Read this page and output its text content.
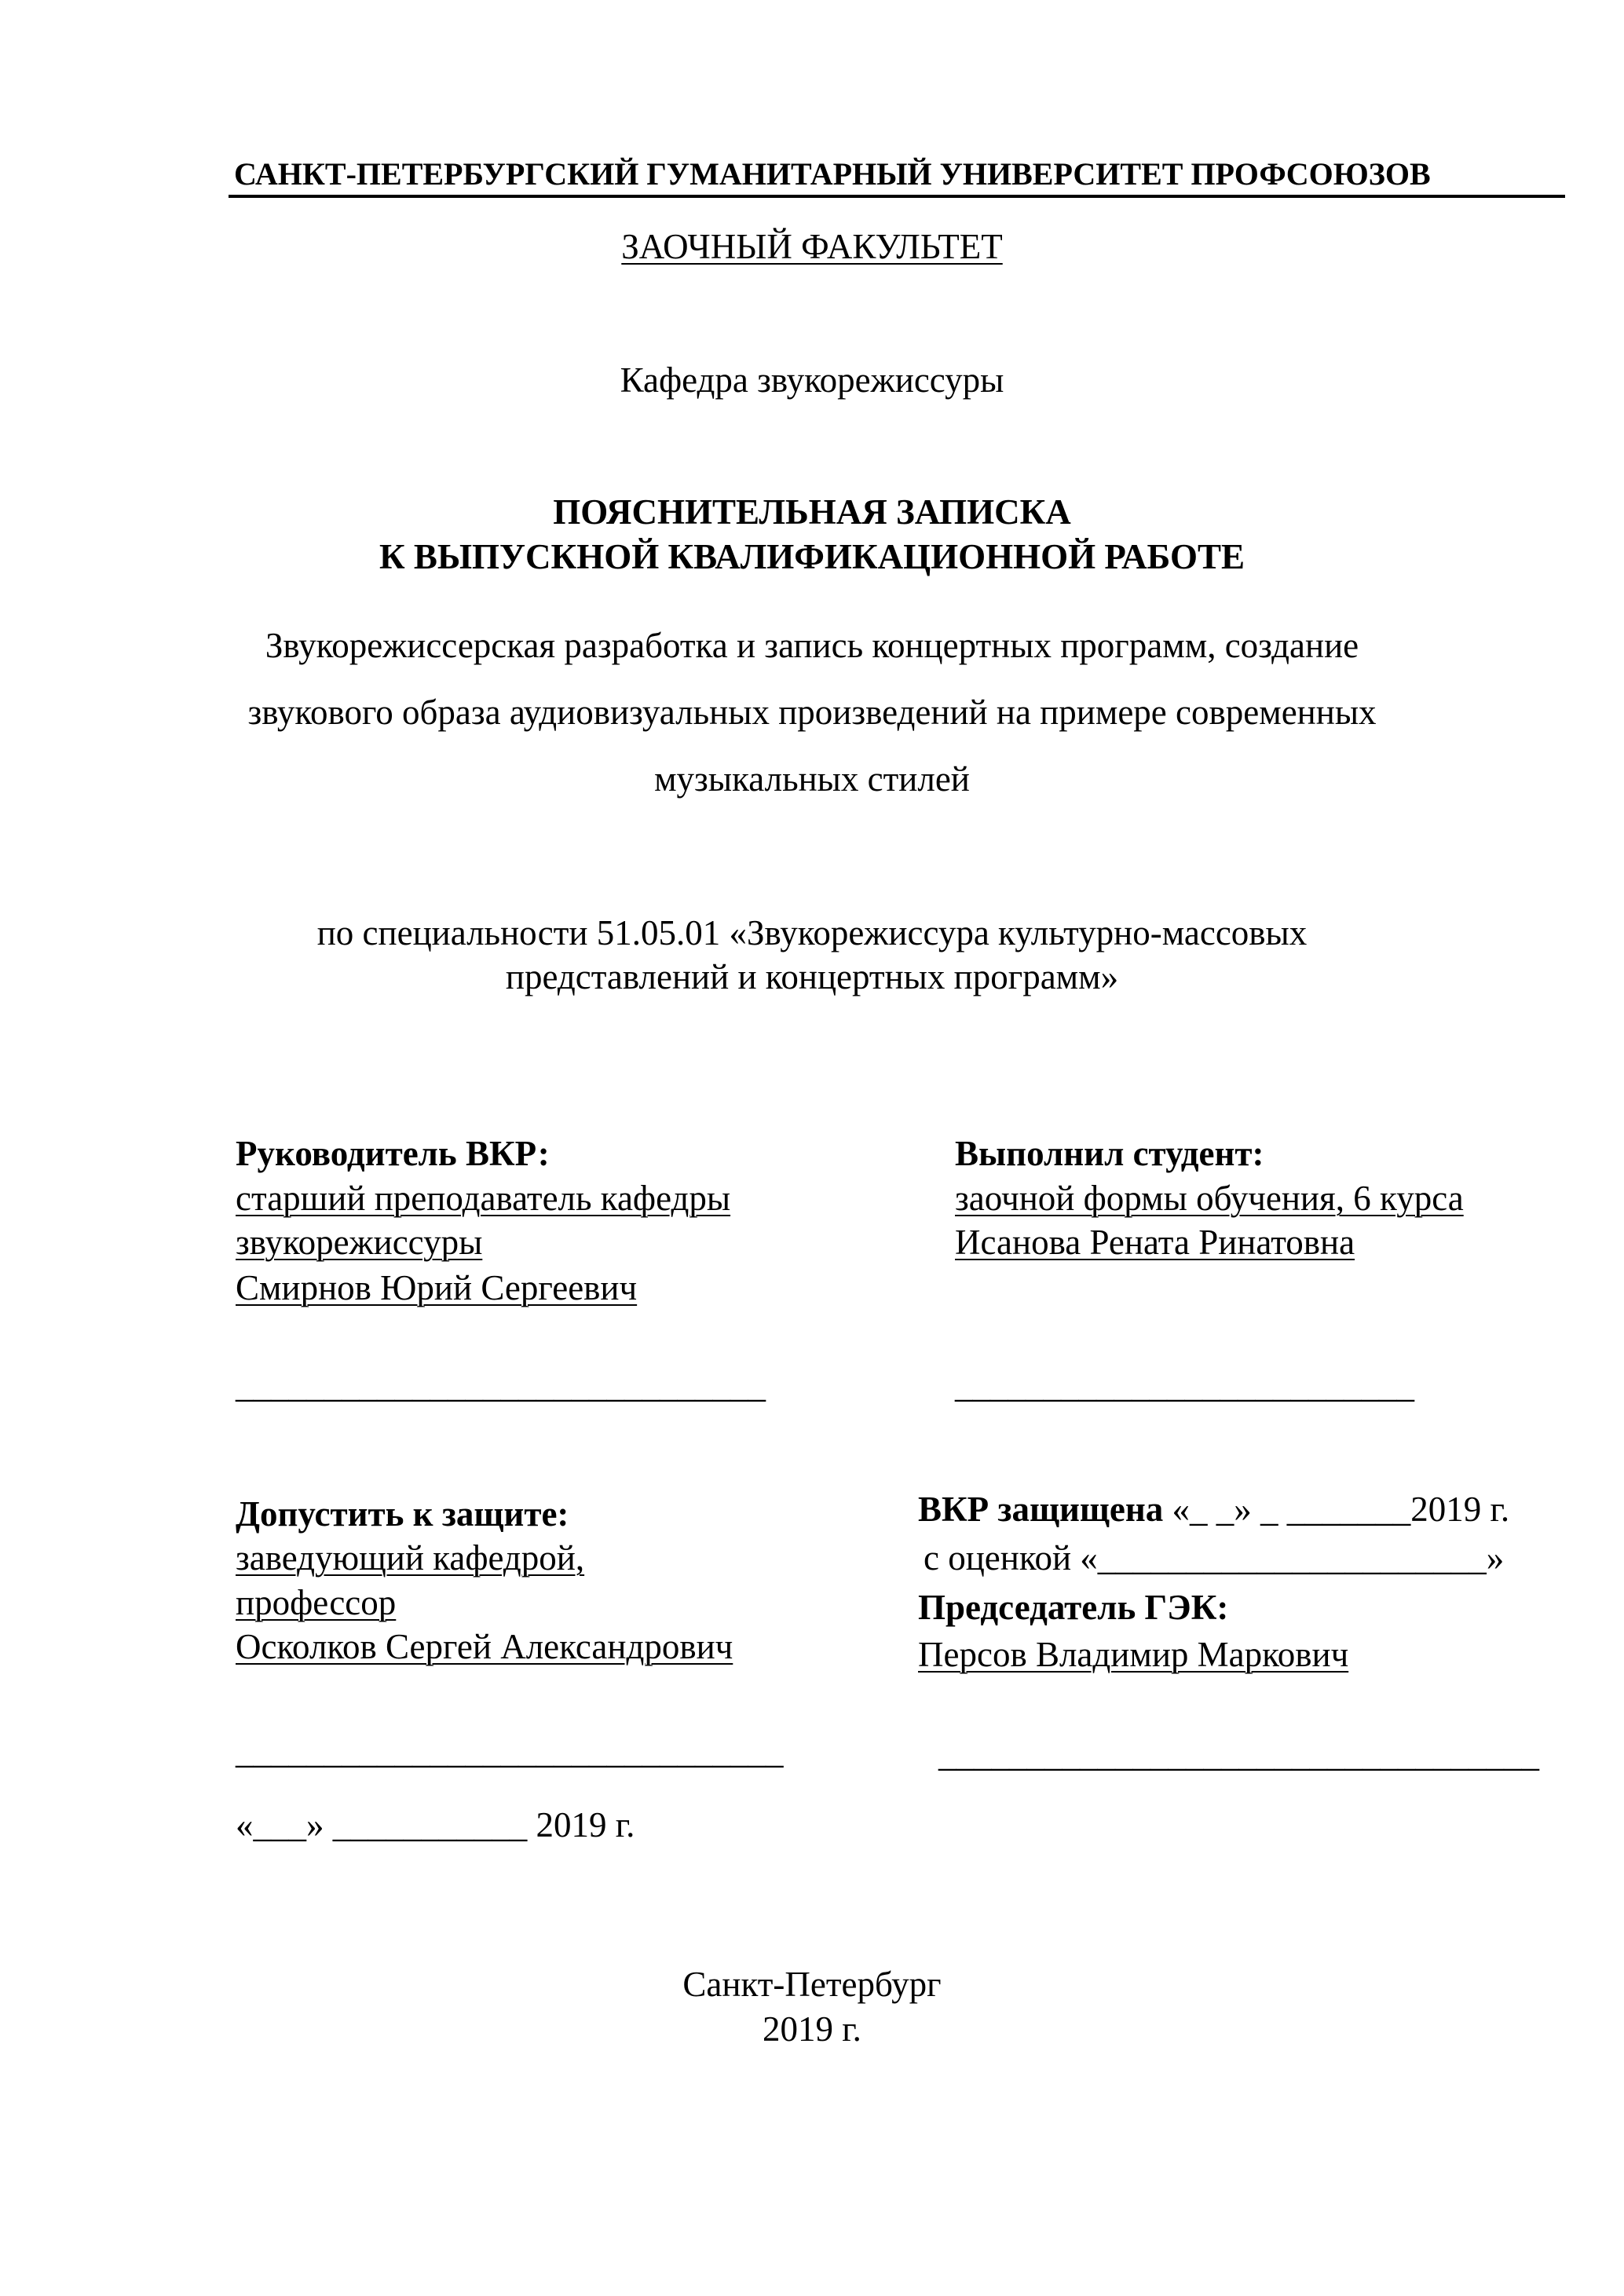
САНКТ-ПЕТЕРБУРГСКИЙ ГУМАНИТАРНЫЙ УНИВЕРСИТЕТ ПРОФСОЮЗОВ
ЗАОЧНЫЙ ФАКУЛЬТЕТ
Кафедра звукорежиссуры
ПОЯСНИТЕЛЬНАЯ ЗАПИСКА
К ВЫПУСКНОЙ КВАЛИФИКАЦИОННОЙ РАБОТЕ
Звукорежиссерская разработка и запись концертных программ, создание
звукового образа аудиовизуальных произведений на примере современных
музыкальных стилей
по специальности 51.05.01 «Звукорежиссура культурно-массовых
представлений и концертных программ»
Руководитель ВКР:
старший преподаватель кафедры
звукорежиссуры
Смирнов Юрий Сергеевич
______________________________
Выполнил студент:
заочной формы обучения, 6 курса
Исанова Рената Ринатовна
__________________________
Допустить к защите:
заведующий кафедрой,
профессор
Осколков Сергей Александрович
_______________________________
«___» ___________ 2019 г.
ВКР защищена «_ _» _ _______2019 г.
с оценкой «______________________»
Председатель ГЭК:
Персов Владимир Маркович
__________________________________
Санкт-Петербург
2019 г.
